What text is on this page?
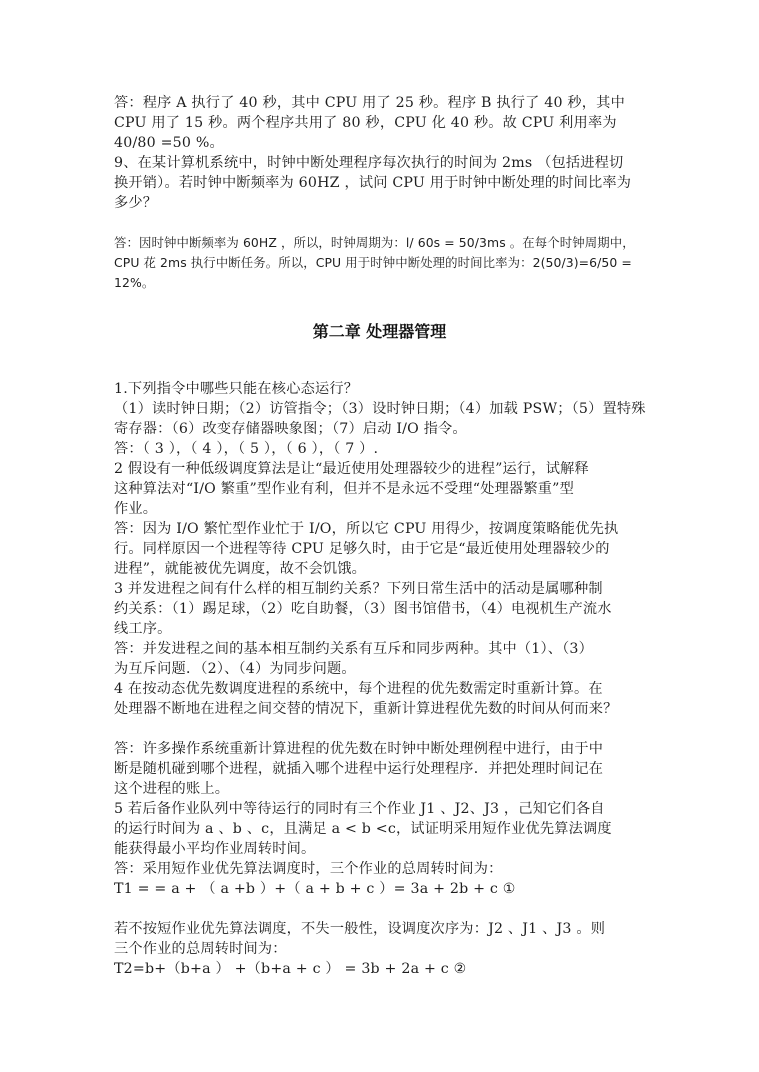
答：程序 A 执行了 40 秒，其中 CPU 用了 25 秒。程序 B 执行了 40 秒，其中
CPU 用了 15 秒。两个程序共用了 80 秒，CPU 化 40 秒。故 CPU 利用率为
40/80 =50 %。
9、在某计算机系统中，时钟中断处理程序每次执行的时间为 2ms （包括进程切
换开销）。若时钟中断频率为 60HZ ，试问 CPU 用于时钟中断处理的时间比率为
多少？
答：因时钟中断频率为 60HZ ，所以，时钟周期为：l/ 60s = 50/3ms 。在每个时钟周期中，
CPU 花 2ms 执行中断任务。所以，CPU 用于时钟中断处理的时间比率为：2(50/3)=6/50 =
12%。
第二章 处理器管理
1.下列指令中哪些只能在核心态运行？
（1）读时钟日期；（2）访管指令；（3）设时钟日期；（4）加载 PSW；（5）置特殊
寄存器：（6）改变存储器映象图；（7）启动 I/O 指令。
答：（ 3 ），（ 4 ），（ 5 ），（ 6 ），（ 7 ）.
2 假设有一种低级调度算法是让“最近使用处理器较少的进程”运行，试解释
这种算法对“I/O 繁重”型作业有利，但并不是永远不受理“处理器繁重”型
作业。
答：因为 I/O 繁忙型作业忙于 I/O，所以它 CPU 用得少，按调度策略能优先执
行。同样原因一个进程等待 CPU 足够久时，由于它是“最近使用处理器较少的
进程”，就能被优先调度，故不会饥饿。
3 并发进程之间有什么样的相互制约关系？下列日常生活中的活动是属哪种制
约关系：（1）踢足球，（2）吃自助餐，（3）图书馆借书，（4）电视机生产流水
线工序。
答：并发进程之间的基本相互制约关系有互斥和同步两种。其中（1）、（3）
为互斥问题．（2）、（4）为同步问题。
4 在按动态优先数调度进程的系统中，每个进程的优先数需定时重新计算。在
处理器不断地在进程之间交替的情况下，重新计算进程优先数的时间从何而来？
答：许多操作系统重新计算进程的优先数在时钟中断处理例程中进行，由于中
断是随机碰到哪个进程，就插入哪个进程中运行处理程序．并把处理时间记在
这个进程的账上。
5 若后备作业队列中等待运行的同时有三个作业 J1 、J2、J3 ，己知它们各自
的运行时间为 a 、b 、c，且满足 a < b <c，试证明采用短作业优先算法调度
能获得最小平均作业周转时间。
答：采用短作业优先算法调度时，三个作业的总周转时间为：
T1 = = a + （ a +b ）+（ a + b + c ）= 3a + 2b + c ①
若不按短作业优先算法调度，不失一般性，设调度次序为：J2 、J1 、J3 。则
三个作业的总周转时间为：
T2=b+（b+a ） +（b+a + c ） = 3b + 2a + c ②
